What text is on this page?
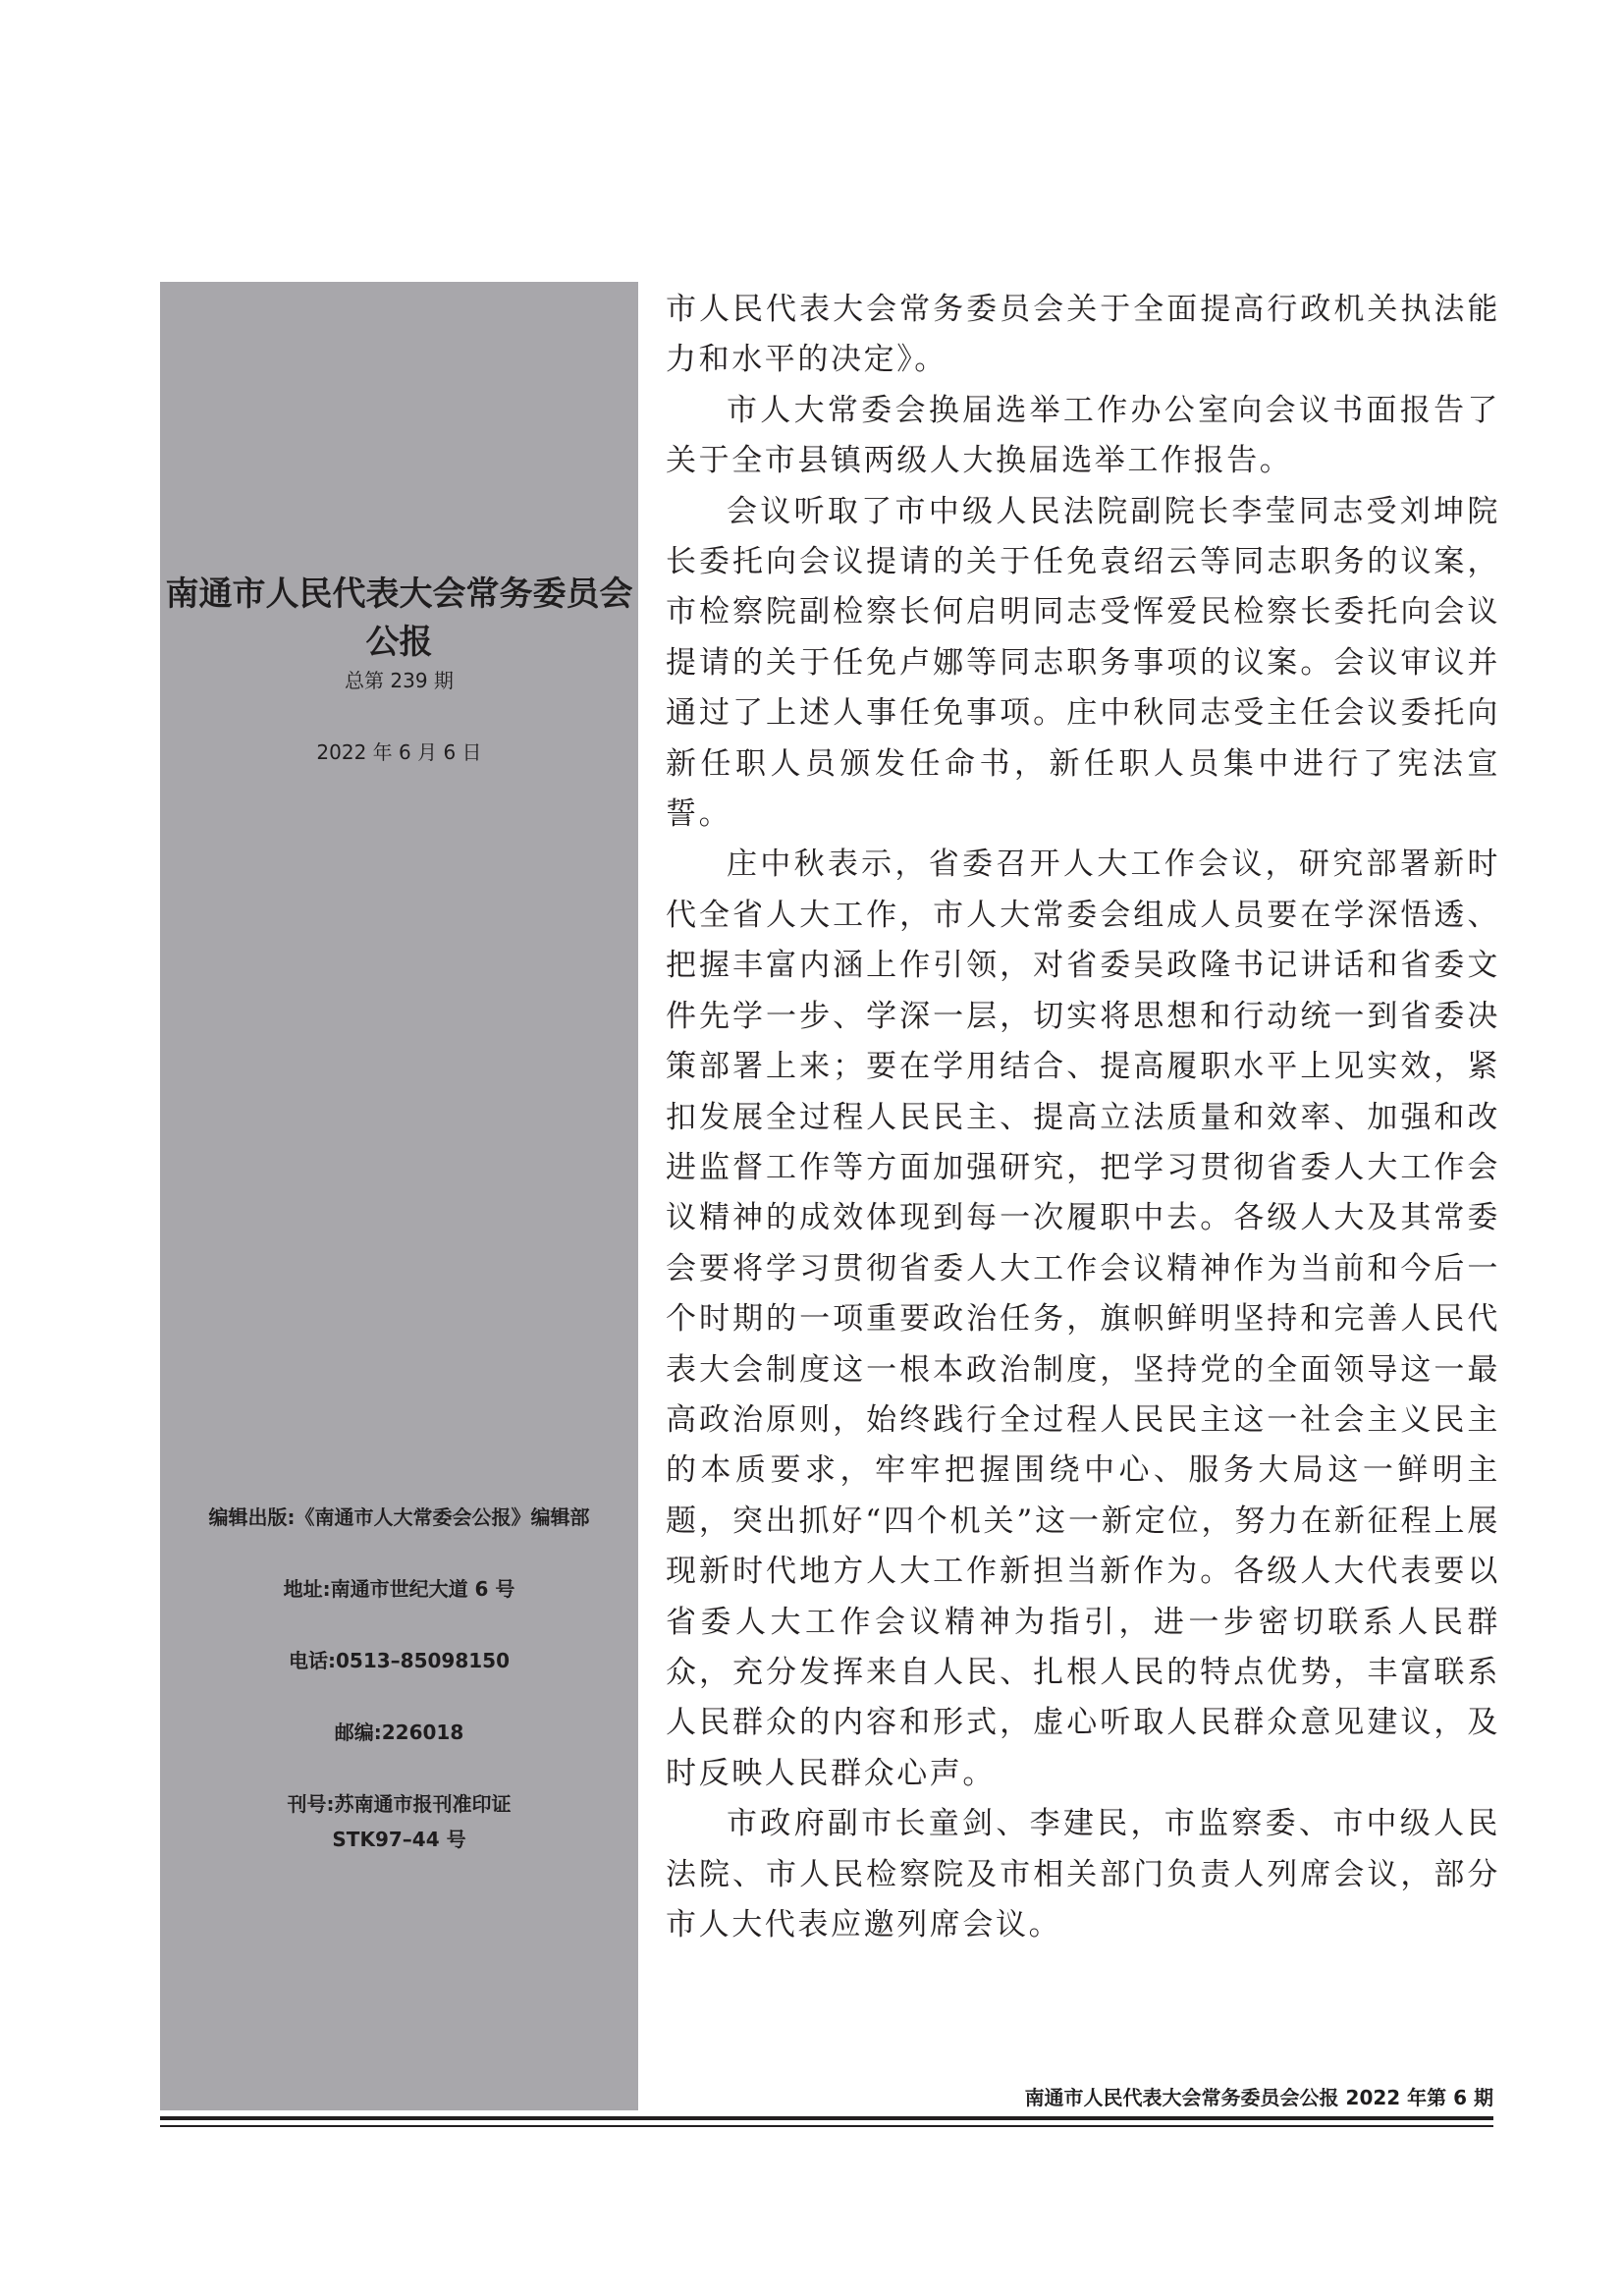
南通市人民代表大会常务委员会公报
总第 239 期
2022 年 6 月 6 日
编辑出版:《南通市人大常委会公报》编辑部
地址:南通市世纪大道 6 号
电话:0513–85098150
邮编:226018
刊号:苏南通市报刊准印证
STK97–44 号

市人民代表大会常务委员会关于全面提高行政机关执法能力和水平的决定》。

市人大常委会换届选举工作办公室向会议书面报告了关于全市县镇两级人大换届选举工作报告。

会议听取了市中级人民法院副院长李莹同志受刘坤院长委托向会议提请的关于任免袁绍云等同志职务的议案，市检察院副检察长何启明同志受恽爱民检察长委托向会议提请的关于任免卢娜等同志职务事项的议案。会议审议并通过了上述人事任免事项。庄中秋同志受主任会议委托向新任职人员颁发任命书，新任职人员集中进行了宪法宣誓。

庄中秋表示，省委召开人大工作会议，研究部署新时代全省人大工作，市人大常委会组成人员要在学深悟透、把握丰富内涵上作引领，对省委吴政隆书记讲话和省委文件先学一步、学深一层，切实将思想和行动统一到省委决策部署上来；要在学用结合、提高履职水平上见实效，紧扣发展全过程人民民主、提高立法质量和效率、加强和改进监督工作等方面加强研究，把学习贯彻省委人大工作会议精神的成效体现到每一次履职中去。各级人大及其常委会要将学习贯彻省委人大工作会议精神作为当前和今后一个时期的一项重要政治任务，旗帜鲜明坚持和完善人民代表大会制度这一根本政治制度，坚持党的全面领导这一最高政治原则，始终践行全过程人民民主这一社会主义民主的本质要求，牢牢把握围绕中心、服务大局这一鲜明主题，突出抓好“四个机关”这一新定位，努力在新征程上展现新时代地方人大工作新担当新作为。各级人大代表要以省委人大工作会议精神为指引，进一步密切联系人民群众，充分发挥来自人民、扎根人民的特点优势，丰富联系人民群众的内容和形式，虚心听取人民群众意见建议，及时反映人民群众心声。

市政府副市长童剑、李建民，市监察委、市中级人民法院、市人民检察院及市相关部门负责人列席会议，部分市人大代表应邀列席会议。

南通市人民代表大会常务委员会公报 2022 年第 6 期
